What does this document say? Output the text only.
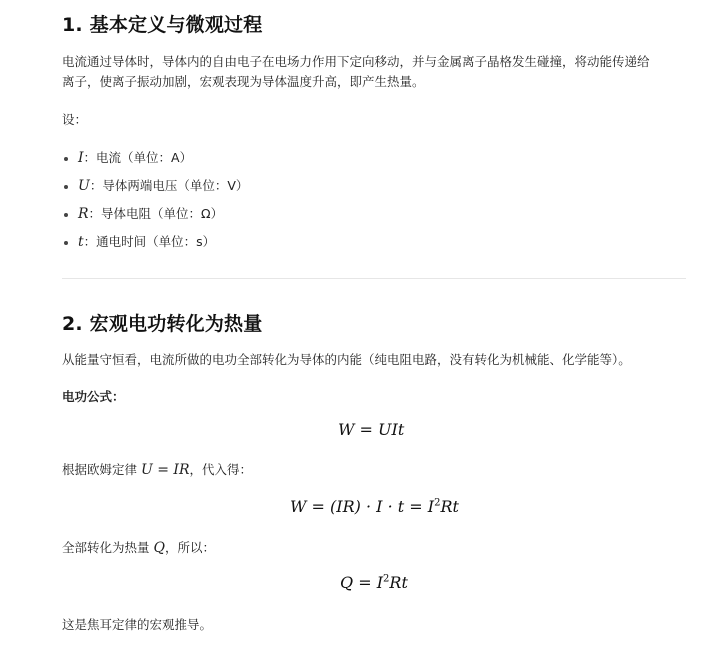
1. 基本定义与微观过程
电流通过导体时，导体内的自由电子在电场力作用下定向移动，并与金属离子晶格发生碰撞，将动能传递给
离子，使离子振动加剧，宏观表现为导体温度升高，即产生热量。
设：
I：电流（单位：A）
U：导体两端电压（单位：V）
R：导体电阻（单位：Ω）
t：通电时间（单位：s）
2. 宏观电功转化为热量
从能量守恒看，电流所做的电功全部转化为导体的内能（纯电阻电路，没有转化为机械能、化学能等）。
电功公式：
W = UIt
根据欧姆定律 U = IR，代入得：
$W = (IR) \cdot I \cdot t = I^2Rt$
全部转化为热量 Q，所以：
$Q = I^2Rt$
这是焦耳定律的宏观推导。
